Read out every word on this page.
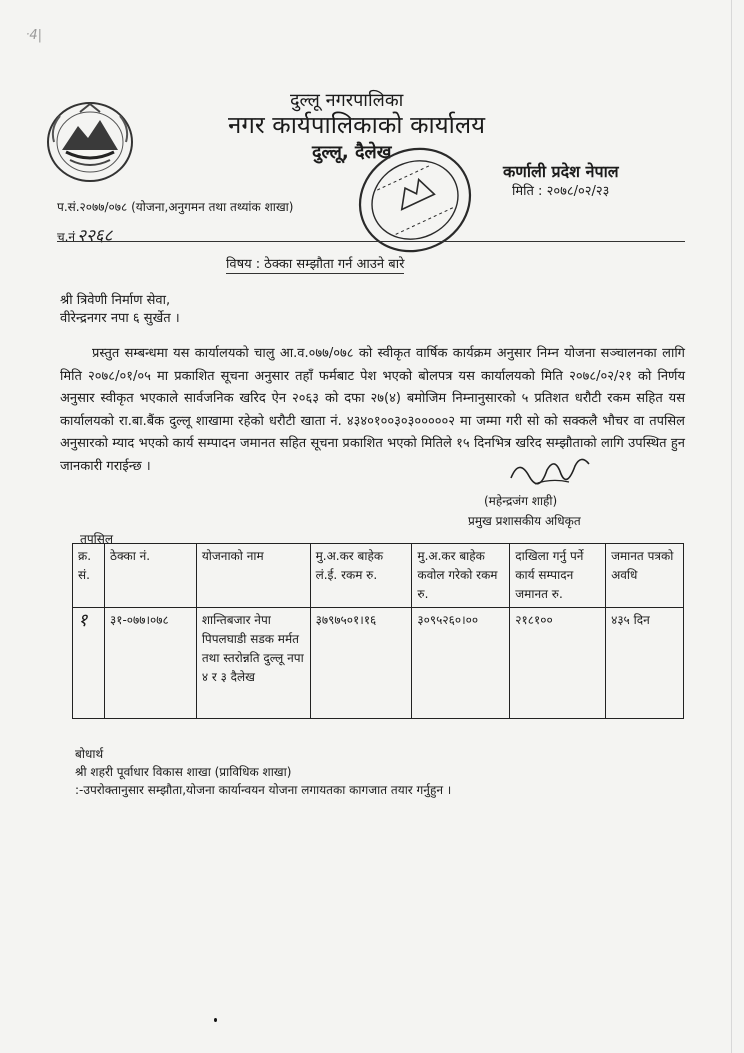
ᐧ4|
दुल्लू नगरपालिका
नगर कार्यपालिकाको कार्यालय
दुल्लू, दैलेख
कर्णाली प्रदेश नेपाल
मिति : २०७८/०२/२३
प.सं.२०७७/०७८ (योजना,अनुगमन तथा तथ्यांक शाखा)
च.नं २२६८
विषय : ठेक्का सम्झौता गर्न आउने बारे
श्री त्रिवेणी निर्माण सेवा,
वीरेन्द्रनगर नपा ६ सुर्खेत ।
प्रस्तुत सम्बन्धमा यस कार्यालयको चालु आ.व.०७७/०७८ को स्वीकृत वार्षिक कार्यक्रम अनुसार निम्न योजना सञ्चालनका लागि मिति २०७८/०१/०५ मा प्रकाशित सूचना अनुसार तहाँ फर्मबाट पेश भएको बोलपत्र यस कार्यालयको मिति २०७८/०२/२१ को निर्णय अनुसार स्वीकृत भएकाले सार्वजनिक खरिद ऐन २०६३ को दफा २७(४) बमोजिम निम्नानुसारको ५ प्रतिशत धरौटी रकम सहित यस कार्यालयको रा.बा.बैंक दुल्लू शाखामा रहेको धरौटी खाता नं. ४३४०१००३०३०००००२ मा जम्मा गरी सो को सक्कलै भौचर वा तपसिल अनुसारको म्याद भएको कार्य सम्पादन जमानत सहित सूचना प्रकाशित भएको मितिले १५ दिनभित्र खरिद सम्झौताको लागि उपस्थित हुन जानकारी गराईन्छ ।
(महेन्द्रजंग शाही)
प्रमुख प्रशासकीय अधिकृत
तपसिल
क्र. सं.	ठेक्का नं.	योजनाको नाम	मु.अ.कर बाहेक लं.ई. रकम रु.	मु.अ.कर बाहेक कवोल गरेको रकम रु.	दाखिला गर्नु पर्ने कार्य सम्पादन जमानत रु.	जमानत पत्रको अवधि
१	३१-०७७।०७८	शान्तिबजार नेपा पिपलघाडी सडक मर्मत तथा स्तरोन्नति दुल्लू नपा ४ र ३ दैलेख	३७९७५०१।१६	३०९५२६०।००	२१८१००	४३५ दिन
बोधार्थ
श्री शहरी पूर्वाधार विकास शाखा (प्राविधिक शाखा)
:-उपरोक्तानुसार सम्झौता,योजना कार्यान्वयन योजना लगायतका कागजात तयार गर्नुहुन ।
